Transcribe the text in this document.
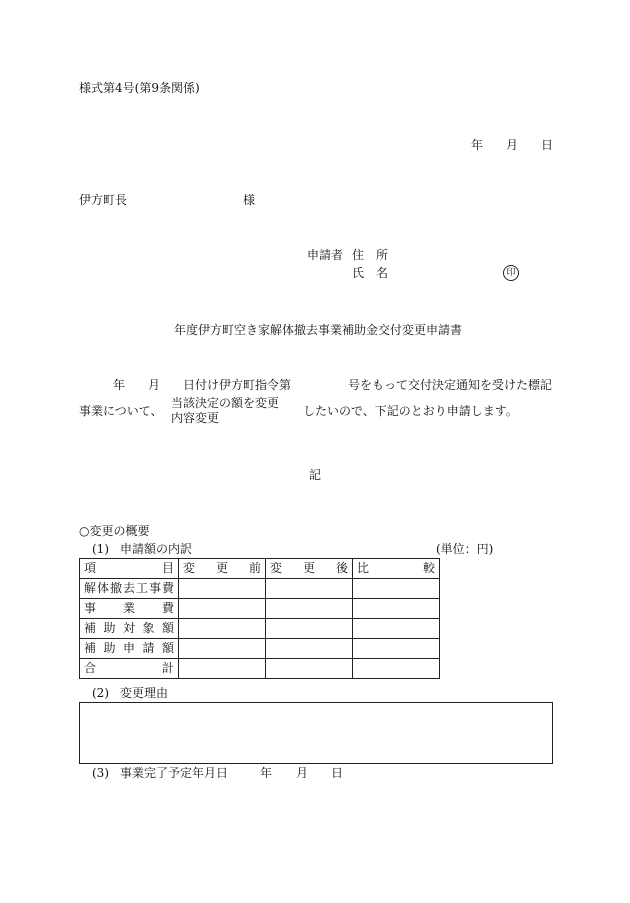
様式第4号(第9条関係)
年 月 日
伊方町長	様
申請者 住　所
氏　名	印
年度伊方町空き家解体撤去事業補助金交付変更申請書
年 月 日付け伊方町指令第	号をもって交付決定通知を受けた標記
事業について、
当該決定の額を変更
内容変更	したいので、下記のとおり申請します。
記
○変更の概要
(1) 申請額の内訳	(単位：円)
項　　目	変　更　前	変　更　後	比　　較
解体撤去工事費			
事　業　費			
補助対象額			
補助申請額			
合　　計			
(2) 変更理由
(3) 事業完了予定年月日	年 月 日
